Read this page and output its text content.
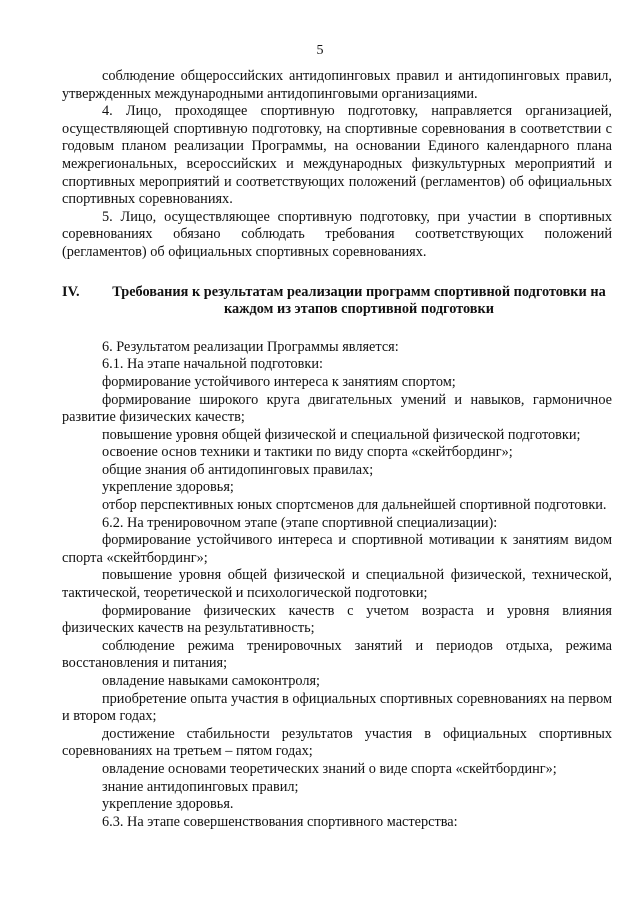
5

соблюдение общероссийских антидопинговых правил и антидопинговых правил, утвержденных международными антидопинговыми организациями.

4. Лицо, проходящее спортивную подготовку, направляется организацией, осуществляющей спортивную подготовку, на спортивные соревнования в соответствии с годовым планом реализации Программы, на основании Единого календарного плана межрегиональных, всероссийских и международных физкультурных мероприятий и спортивных мероприятий и соответствующих положений (регламентов) об официальных спортивных соревнованиях.

5. Лицо, осуществляющее спортивную подготовку, при участии в спортивных соревнованиях обязано соблюдать требования соответствующих положений (регламентов) об официальных спортивных соревнованиях.

IV.	Требования к результатам реализации программ спортивной подготовки на каждом из этапов спортивной подготовки

6. Результатом реализации Программы является:

6.1. На этапе начальной подготовки:

формирование устойчивого интереса к занятиям спортом;

формирование широкого круга двигательных умений и навыков, гармоничное развитие физических качеств;

повышение уровня общей физической и специальной физической подготовки;

освоение основ техники и тактики по виду спорта «скейтбординг»;

общие знания об антидопинговых правилах;

укрепление здоровья;

отбор перспективных юных спортсменов для дальнейшей спортивной подготовки.

6.2. На тренировочном этапе (этапе спортивной специализации):

формирование устойчивого интереса и спортивной мотивации к занятиям видом спорта «скейтбординг»;

повышение уровня общей физической и специальной физической, технической, тактической, теоретической и психологической подготовки;

формирование физических качеств с учетом возраста и уровня влияния физических качеств на результативность;

соблюдение режима тренировочных занятий и периодов отдыха, режима восстановления и питания;

овладение навыками самоконтроля;

приобретение опыта участия в официальных спортивных соревнованиях на первом и втором годах;

достижение стабильности результатов участия в официальных спортивных соревнованиях на третьем – пятом годах;

овладение основами теоретических знаний о виде спорта «скейтбординг»;

знание антидопинговых правил;

укрепление здоровья.

6.3. На этапе совершенствования спортивного мастерства:
